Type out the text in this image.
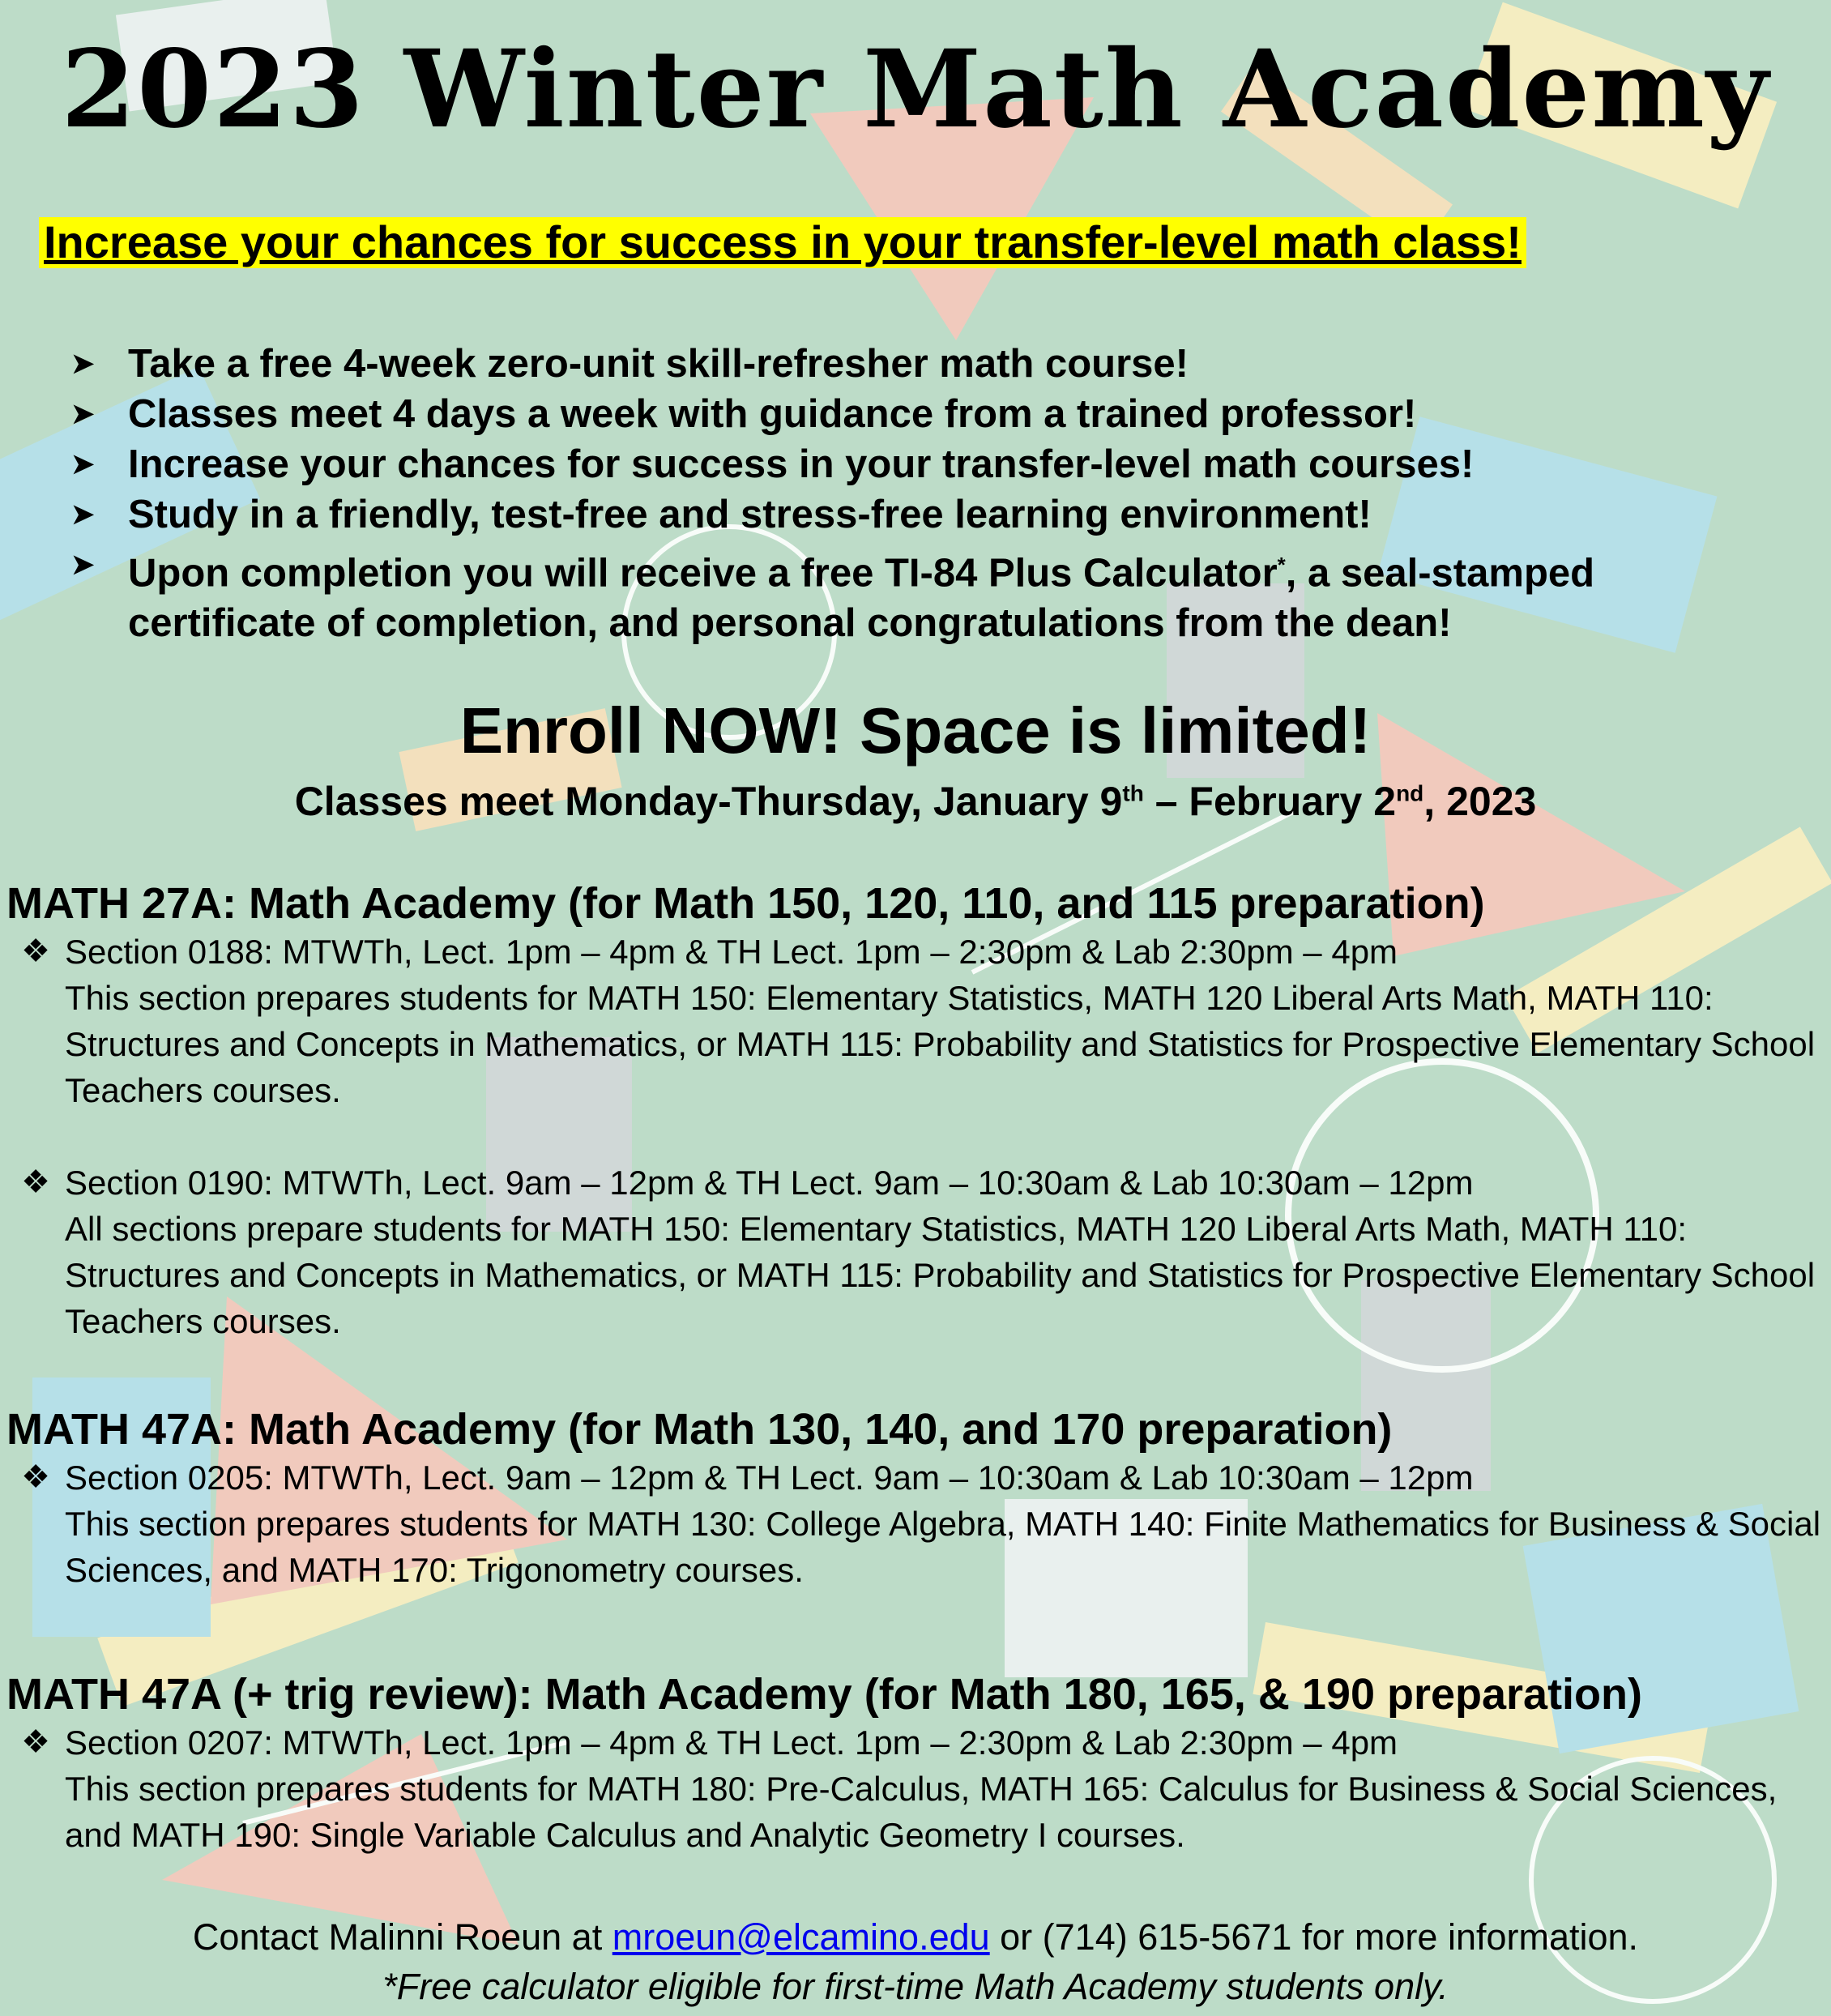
2023 Winter Math Academy
Increase your chances for success in your transfer-level math class!
➤ Take a free 4-week zero-unit skill-refresher math course!
➤ Classes meet 4 days a week with guidance from a trained professor!
➤ Increase your chances for success in your transfer-level math courses!
➤ Study in a friendly, test-free and stress-free learning environment!
➤ Upon completion you will receive a free TI-84 Plus Calculator*, a seal-stamped certificate of completion, and personal congratulations from the dean!
Enroll NOW! Space is limited!
Classes meet Monday-Thursday, January 9th – February 2nd, 2023
MATH 27A: Math Academy (for Math 150, 120, 110, and 115 preparation)
❖ Section 0188: MTWTh, Lect. 1pm – 4pm & TH Lect. 1pm – 2:30pm & Lab 2:30pm – 4pm
This section prepares students for MATH 150: Elementary Statistics, MATH 120 Liberal Arts Math, MATH 110: Structures and Concepts in Mathematics, or MATH 115: Probability and Statistics for Prospective Elementary School Teachers courses.
❖ Section 0190: MTWTh, Lect. 9am – 12pm & TH Lect. 9am – 10:30am & Lab 10:30am – 12pm
All sections prepare students for MATH 150: Elementary Statistics, MATH 120 Liberal Arts Math, MATH 110: Structures and Concepts in Mathematics, or MATH 115: Probability and Statistics for Prospective Elementary School Teachers courses.
MATH 47A: Math Academy (for Math 130, 140, and 170 preparation)
❖ Section 0205: MTWTh, Lect. 9am – 12pm & TH Lect. 9am – 10:30am & Lab 10:30am – 12pm
This section prepares students for MATH 130: College Algebra, MATH 140: Finite Mathematics for Business & Social Sciences, and MATH 170: Trigonometry courses.
MATH 47A (+ trig review): Math Academy (for Math 180, 165, & 190 preparation)
❖ Section 0207: MTWTh, Lect. 1pm – 4pm & TH Lect. 1pm – 2:30pm & Lab 2:30pm – 4pm
This section prepares students for MATH 180: Pre-Calculus, MATH 165: Calculus for Business & Social Sciences, and MATH 190: Single Variable Calculus and Analytic Geometry I courses.
Contact Malinni Roeun at mroeun@elcamino.edu or (714) 615-5671 for more information.
*Free calculator eligible for first-time Math Academy students only.
